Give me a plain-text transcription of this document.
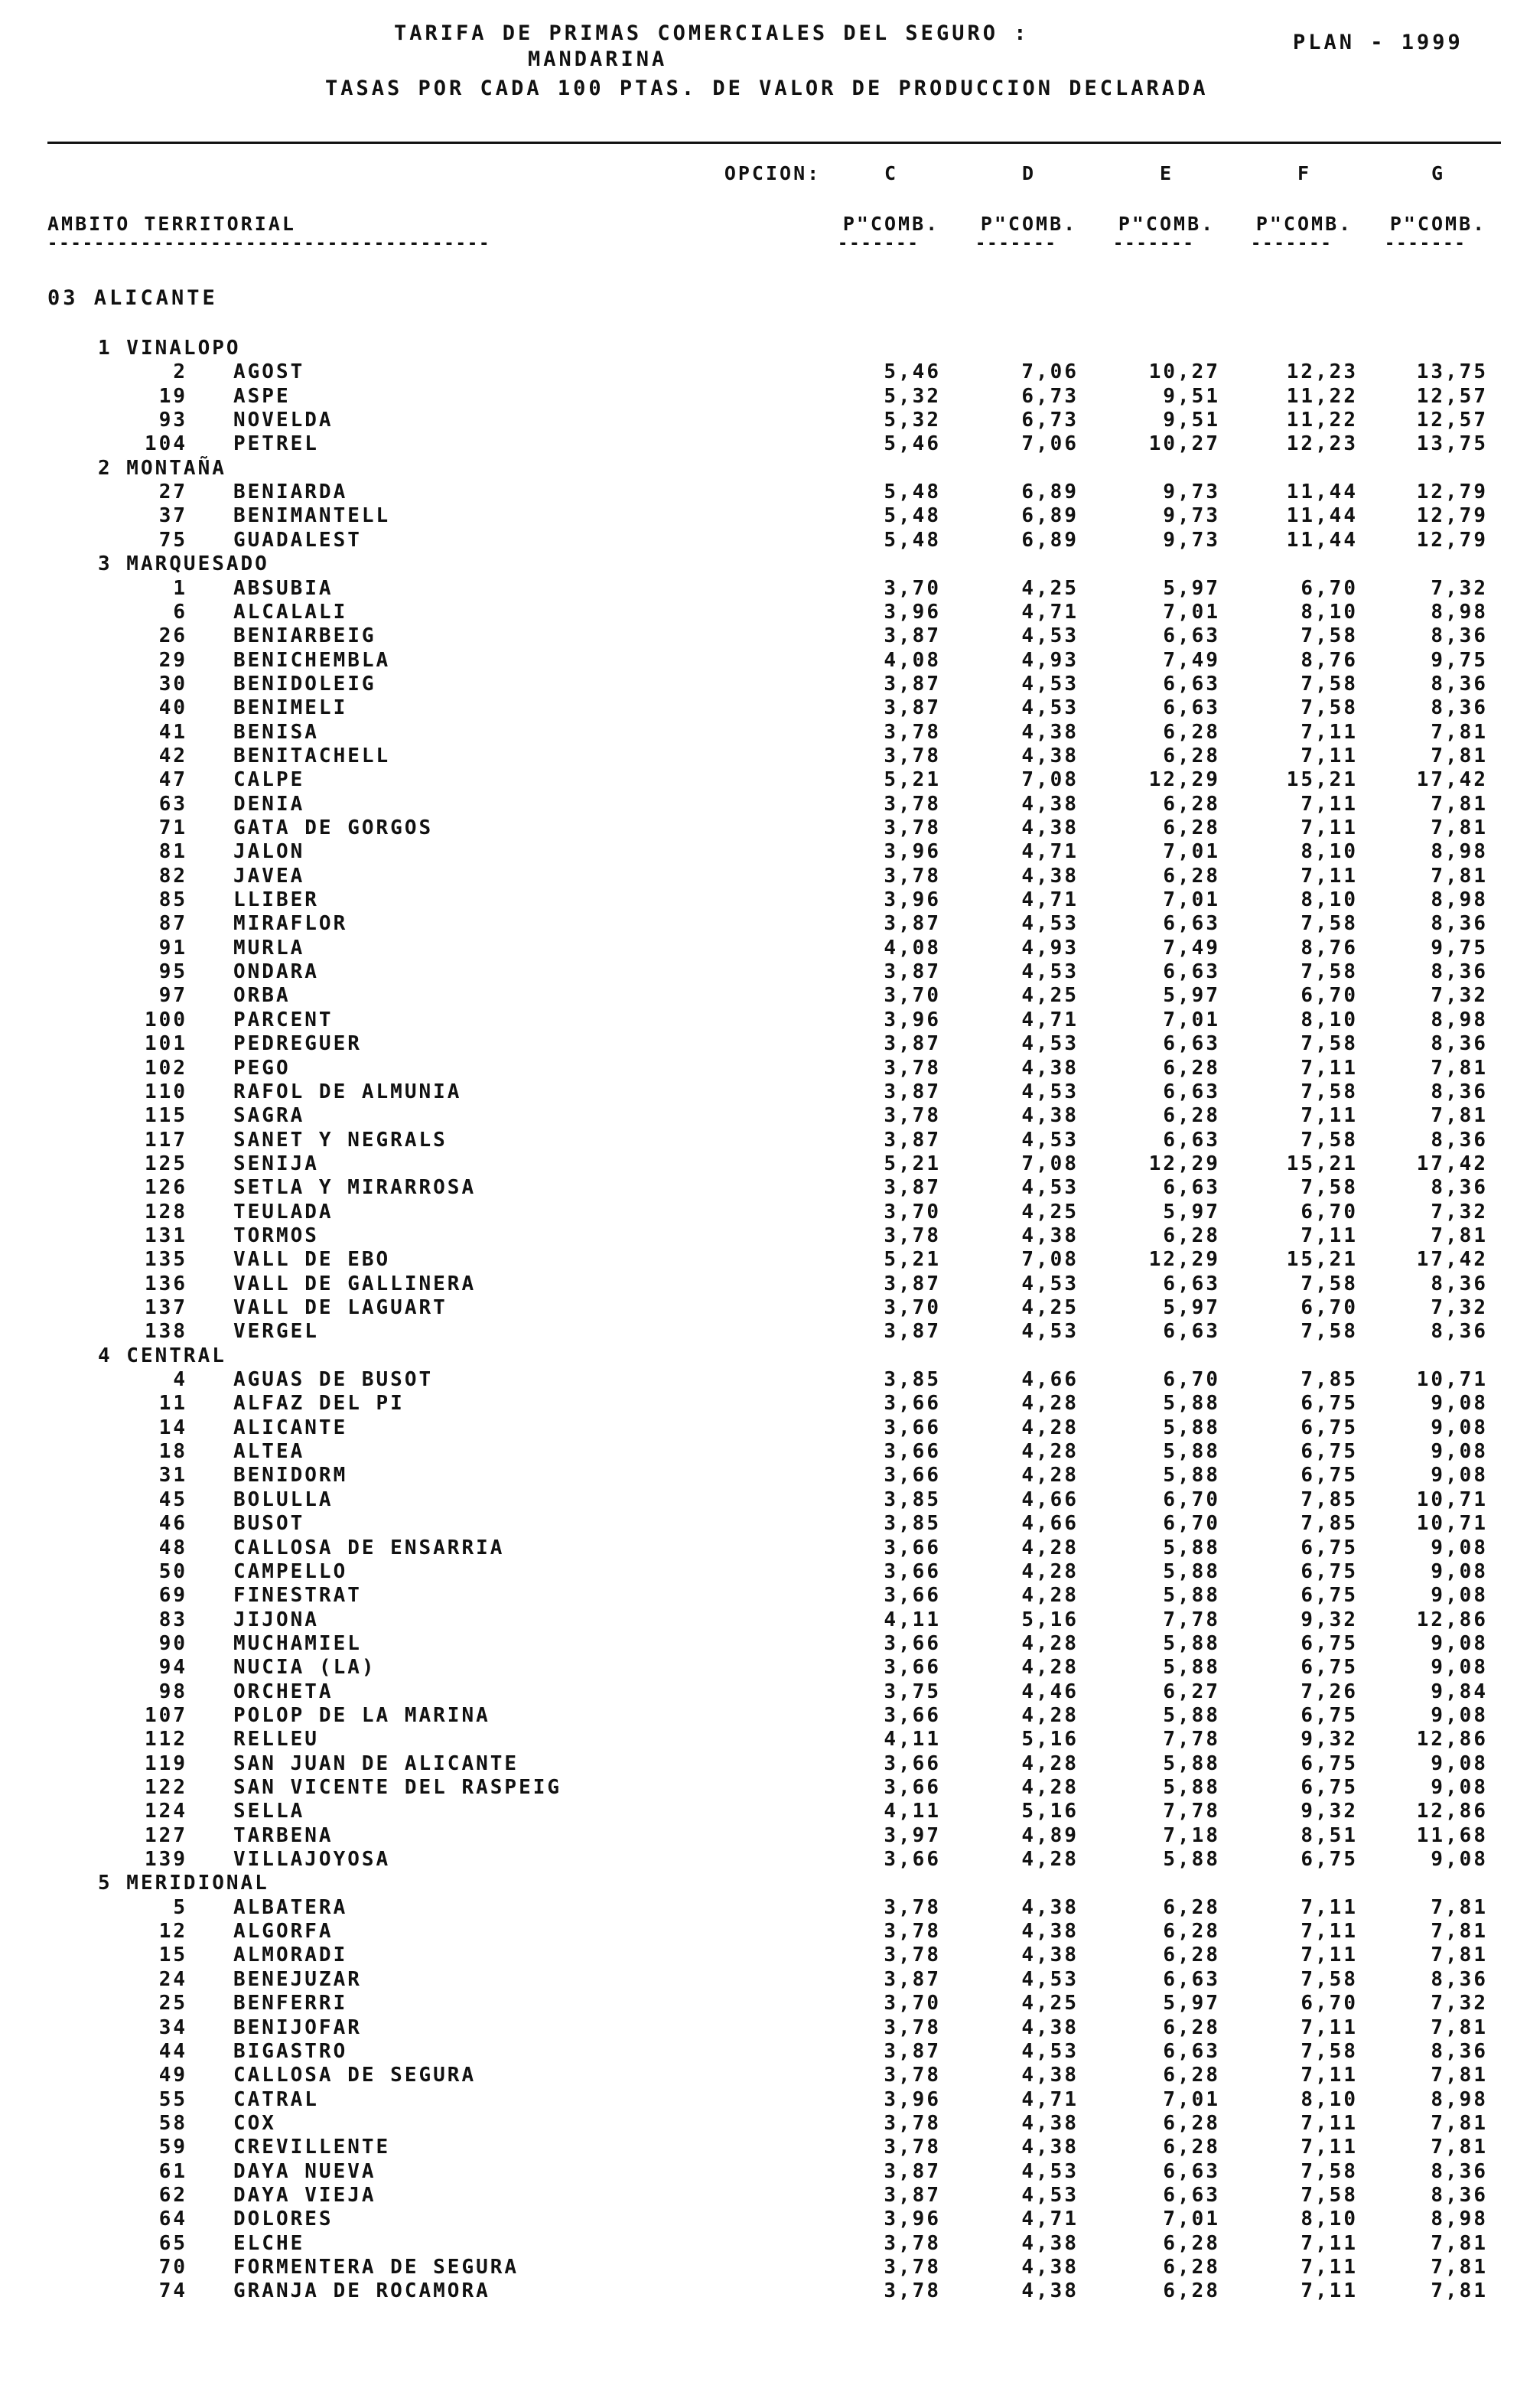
TARIFA DE PRIMAS COMERCIALES DEL SEGURO :
MANDARINA
TASAS POR CADA 100 PTAS. DE VALOR DE PRODUCCION DECLARADA
PLAN - 1999
OPCION:	C	D	E	F	G
AMBITO TERRITORIAL	P"COMB.	P"COMB.	P"COMB.	P"COMB.	P"COMB.
--------------------------------------	-------	-------	-------	-------	-------
03 ALICANTE
1 VINALOPO
2 AGOST	5,46	7,06	10,27	12,23	13,75
19 ASPE	5,32	6,73	9,51	11,22	12,57
93 NOVELDA	5,32	6,73	9,51	11,22	12,57
104 PETREL	5,46	7,06	10,27	12,23	13,75
2 MONTAÑA
27 BENIARDA	5,48	6,89	9,73	11,44	12,79
37 BENIMANTELL	5,48	6,89	9,73	11,44	12,79
75 GUADALEST	5,48	6,89	9,73	11,44	12,79
3 MARQUESADO
1 ABSUBIA	3,70	4,25	5,97	6,70	7,32
6 ALCALALI	3,96	4,71	7,01	8,10	8,98
26 BENIARBEIG	3,87	4,53	6,63	7,58	8,36
29 BENICHEMBLA	4,08	4,93	7,49	8,76	9,75
30 BENIDOLEIG	3,87	4,53	6,63	7,58	8,36
40 BENIMELI	3,87	4,53	6,63	7,58	8,36
41 BENISA	3,78	4,38	6,28	7,11	7,81
42 BENITACHELL	3,78	4,38	6,28	7,11	7,81
47 CALPE	5,21	7,08	12,29	15,21	17,42
63 DENIA	3,78	4,38	6,28	7,11	7,81
71 GATA DE GORGOS	3,78	4,38	6,28	7,11	7,81
81 JALON	3,96	4,71	7,01	8,10	8,98
82 JAVEA	3,78	4,38	6,28	7,11	7,81
85 LLIBER	3,96	4,71	7,01	8,10	8,98
87 MIRAFLOR	3,87	4,53	6,63	7,58	8,36
91 MURLA	4,08	4,93	7,49	8,76	9,75
95 ONDARA	3,87	4,53	6,63	7,58	8,36
97 ORBA	3,70	4,25	5,97	6,70	7,32
100 PARCENT	3,96	4,71	7,01	8,10	8,98
101 PEDREGUER	3,87	4,53	6,63	7,58	8,36
102 PEGO	3,78	4,38	6,28	7,11	7,81
110 RAFOL DE ALMUNIA	3,87	4,53	6,63	7,58	8,36
115 SAGRA	3,78	4,38	6,28	7,11	7,81
117 SANET Y NEGRALS	3,87	4,53	6,63	7,58	8,36
125 SENIJA	5,21	7,08	12,29	15,21	17,42
126 SETLA Y MIRARROSA	3,87	4,53	6,63	7,58	8,36
128 TEULADA	3,70	4,25	5,97	6,70	7,32
131 TORMOS	3,78	4,38	6,28	7,11	7,81
135 VALL DE EBO	5,21	7,08	12,29	15,21	17,42
136 VALL DE GALLINERA	3,87	4,53	6,63	7,58	8,36
137 VALL DE LAGUART	3,70	4,25	5,97	6,70	7,32
138 VERGEL	3,87	4,53	6,63	7,58	8,36
4 CENTRAL
4 AGUAS DE BUSOT	3,85	4,66	6,70	7,85	10,71
11 ALFAZ DEL PI	3,66	4,28	5,88	6,75	9,08
14 ALICANTE	3,66	4,28	5,88	6,75	9,08
18 ALTEA	3,66	4,28	5,88	6,75	9,08
31 BENIDORM	3,66	4,28	5,88	6,75	9,08
45 BOLULLA	3,85	4,66	6,70	7,85	10,71
46 BUSOT	3,85	4,66	6,70	7,85	10,71
48 CALLOSA DE ENSARRIA	3,66	4,28	5,88	6,75	9,08
50 CAMPELLO	3,66	4,28	5,88	6,75	9,08
69 FINESTRAT	3,66	4,28	5,88	6,75	9,08
83 JIJONA	4,11	5,16	7,78	9,32	12,86
90 MUCHAMIEL	3,66	4,28	5,88	6,75	9,08
94 NUCIA (LA)	3,66	4,28	5,88	6,75	9,08
98 ORCHETA	3,75	4,46	6,27	7,26	9,84
107 POLOP DE LA MARINA	3,66	4,28	5,88	6,75	9,08
112 RELLEU	4,11	5,16	7,78	9,32	12,86
119 SAN JUAN DE ALICANTE	3,66	4,28	5,88	6,75	9,08
122 SAN VICENTE DEL RASPEIG	3,66	4,28	5,88	6,75	9,08
124 SELLA	4,11	5,16	7,78	9,32	12,86
127 TARBENA	3,97	4,89	7,18	8,51	11,68
139 VILLAJOYOSA	3,66	4,28	5,88	6,75	9,08
5 MERIDIONAL
5 ALBATERA	3,78	4,38	6,28	7,11	7,81
12 ALGORFA	3,78	4,38	6,28	7,11	7,81
15 ALMORADI	3,78	4,38	6,28	7,11	7,81
24 BENEJUZAR	3,87	4,53	6,63	7,58	8,36
25 BENFERRI	3,70	4,25	5,97	6,70	7,32
34 BENIJOFAR	3,78	4,38	6,28	7,11	7,81
44 BIGASTRO	3,87	4,53	6,63	7,58	8,36
49 CALLOSA DE SEGURA	3,78	4,38	6,28	7,11	7,81
55 CATRAL	3,96	4,71	7,01	8,10	8,98
58 COX	3,78	4,38	6,28	7,11	7,81
59 CREVILLENTE	3,78	4,38	6,28	7,11	7,81
61 DAYA NUEVA	3,87	4,53	6,63	7,58	8,36
62 DAYA VIEJA	3,87	4,53	6,63	7,58	8,36
64 DOLORES	3,96	4,71	7,01	8,10	8,98
65 ELCHE	3,78	4,38	6,28	7,11	7,81
70 FORMENTERA DE SEGURA	3,78	4,38	6,28	7,11	7,81
74 GRANJA DE ROCAMORA	3,78	4,38	6,28	7,11	7,81
